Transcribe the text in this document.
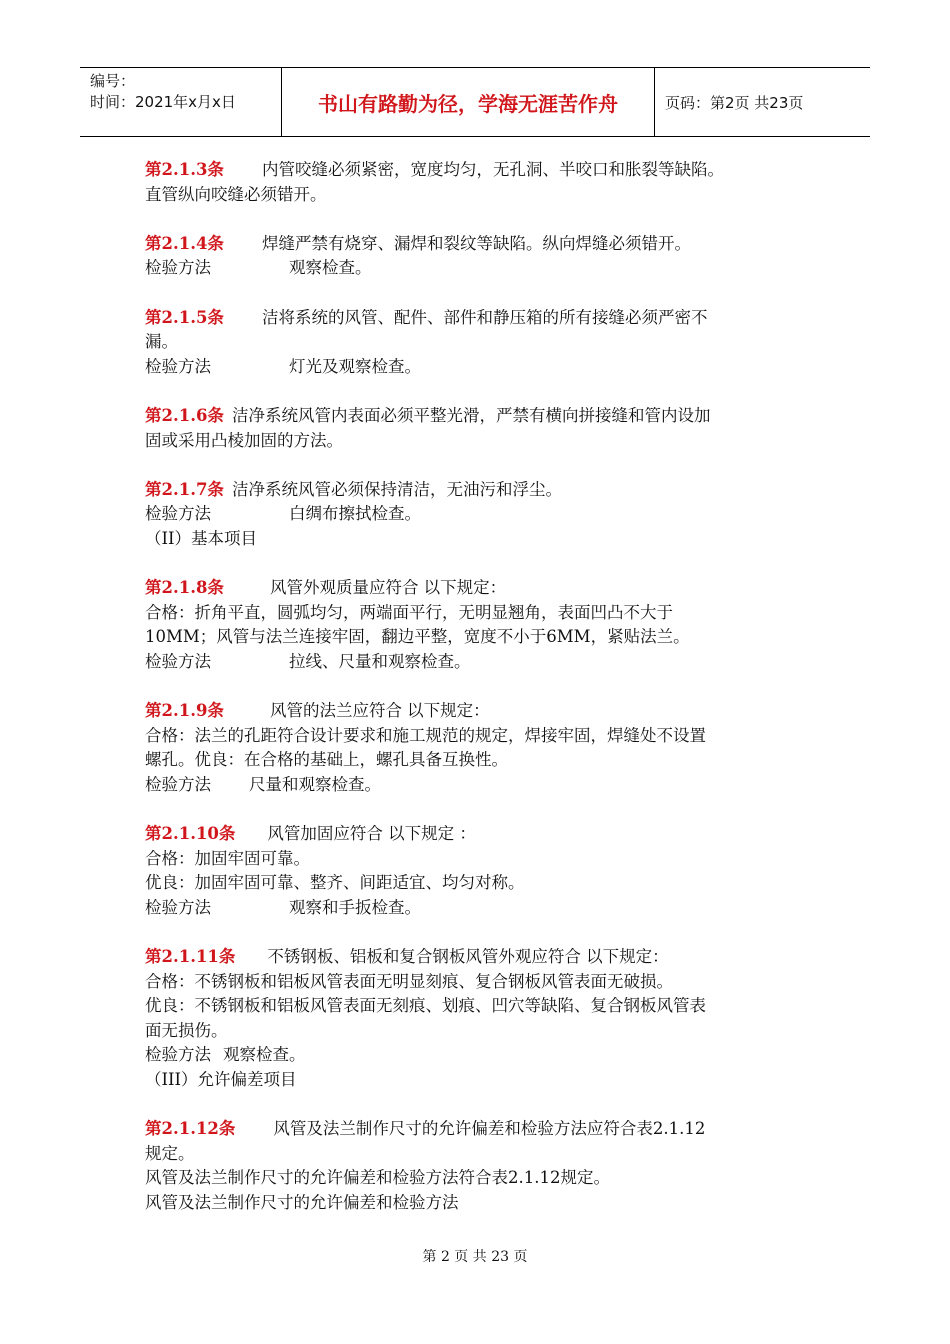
编号：
时间：2021年x月x日	书山有路勤为径，学海无涯苦作舟	页码：第2页 共23页
第2.1.3条 内管咬缝必须紧密，宽度均匀，无孔洞、半咬口和胀裂等缺陷。
直管纵向咬缝必须错开。
第2.1.4条 焊缝严禁有烧穿、漏焊和裂纹等缺陷。纵向焊缝必须错开。
检验方法	观察检查。
第2.1.5条 洁将系统的风管、配件、部件和静压箱的所有接缝必须严密不
漏。
检验方法	灯光及观察检查。
第2.1.6条 洁净系统风管内表面必须平整光滑，严禁有横向拼接缝和管内设加
固或采用凸棱加固的方法。
第2.1.7条 洁净系统风管必须保持清洁，无油污和浮尘。
检验方法	白绸布擦拭检查。
（II）基本项目
第2.1.8条	风管外观质量应符合 以下规定：
合格：折角平直，圆弧均匀，两端面平行，无明显翘角，表面凹凸不大于
10MM；风管与法兰连接牢固，翻边平整，宽度不小于6MM，紧贴法兰。
检验方法	拉线、尺量和观察检查。
第2.1.9条	风管的法兰应符合 以下规定：
合格：法兰的孔距符合设计要求和施工规范的规定，焊接牢固，焊缝处不设置
螺孔。优良：在合格的基础上，螺孔具备互换性。
检验方法 尺量和观察检查。
第2.1.10条 风管加固应符合 以下规定 ：
合格：加固牢固可靠。
优良：加固牢固可靠、整齐、间距适宜、均匀对称。
检验方法	观察和手扳检查。
第2.1.11条 不锈钢板、铝板和复合钢板风管外观应符合 以下规定：
合格：不锈钢板和铝板风管表面无明显刻痕、复合钢板风管表面无破损。
优良：不锈钢板和铝板风管表面无刻痕、划痕、凹穴等缺陷、复合钢板风管表
面无损伤。
检验方法 观察检查。
（III）允许偏差项目
第2.1.12条 风管及法兰制作尺寸的允许偏差和检验方法应符合表2.1.12
规定。
风管及法兰制作尺寸的允许偏差和检验方法符合表2.1.12规定。
风管及法兰制作尺寸的允许偏差和检验方法
第 2 页 共 23 页
